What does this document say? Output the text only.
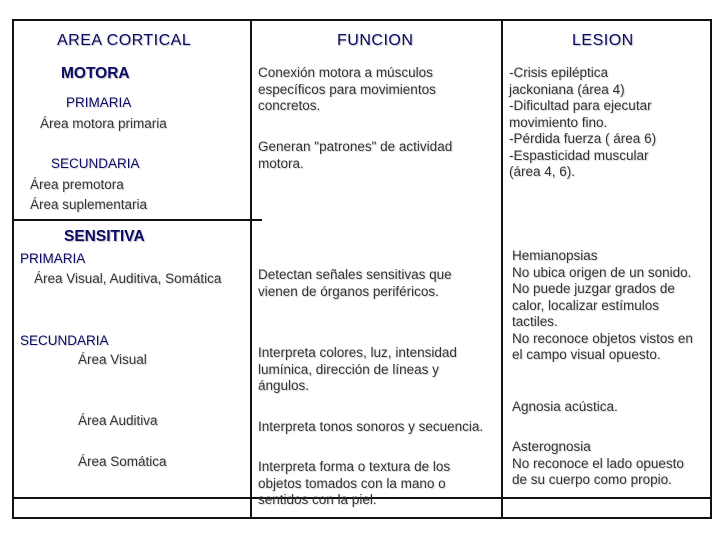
AREA CORTICAL	FUNCION	LESION
MOTORA
PRIMARIA
Área motora primaria
SECUNDARIA
Área premotora
Área suplementaria
Conexión motora a músculos
específicos para movimientos
concretos.
Generan "patrones" de actividad
motora.
-Crisis epiléptica
jackoniana (área 4)
-Dificultad para ejecutar
movimiento fino.
-Pérdida fuerza ( área 6)
-Espasticidad muscular
(área 4, 6).
SENSITIVA
PRIMARIA
Área Visual, Auditiva, Somática
SECUNDARIA
Área Visual
Área Auditiva
Área Somática
Detectan señales sensitivas que
vienen de órganos periféricos.
Interpreta colores, luz, intensidad
lumínica, dirección de líneas y
ángulos.
Interpreta tonos sonoros y secuencia.
Interpreta forma o textura de los
objetos tomados con la mano o
sentidos con la piel.
Hemianopsias
No ubica origen de un sonido.
No puede juzgar grados de
calor, localizar estímulos
tactiles.
No reconoce objetos vistos en
el campo visual opuesto.
Agnosia acústica.
Asterognosia
No reconoce el lado opuesto
de su cuerpo como propio.
